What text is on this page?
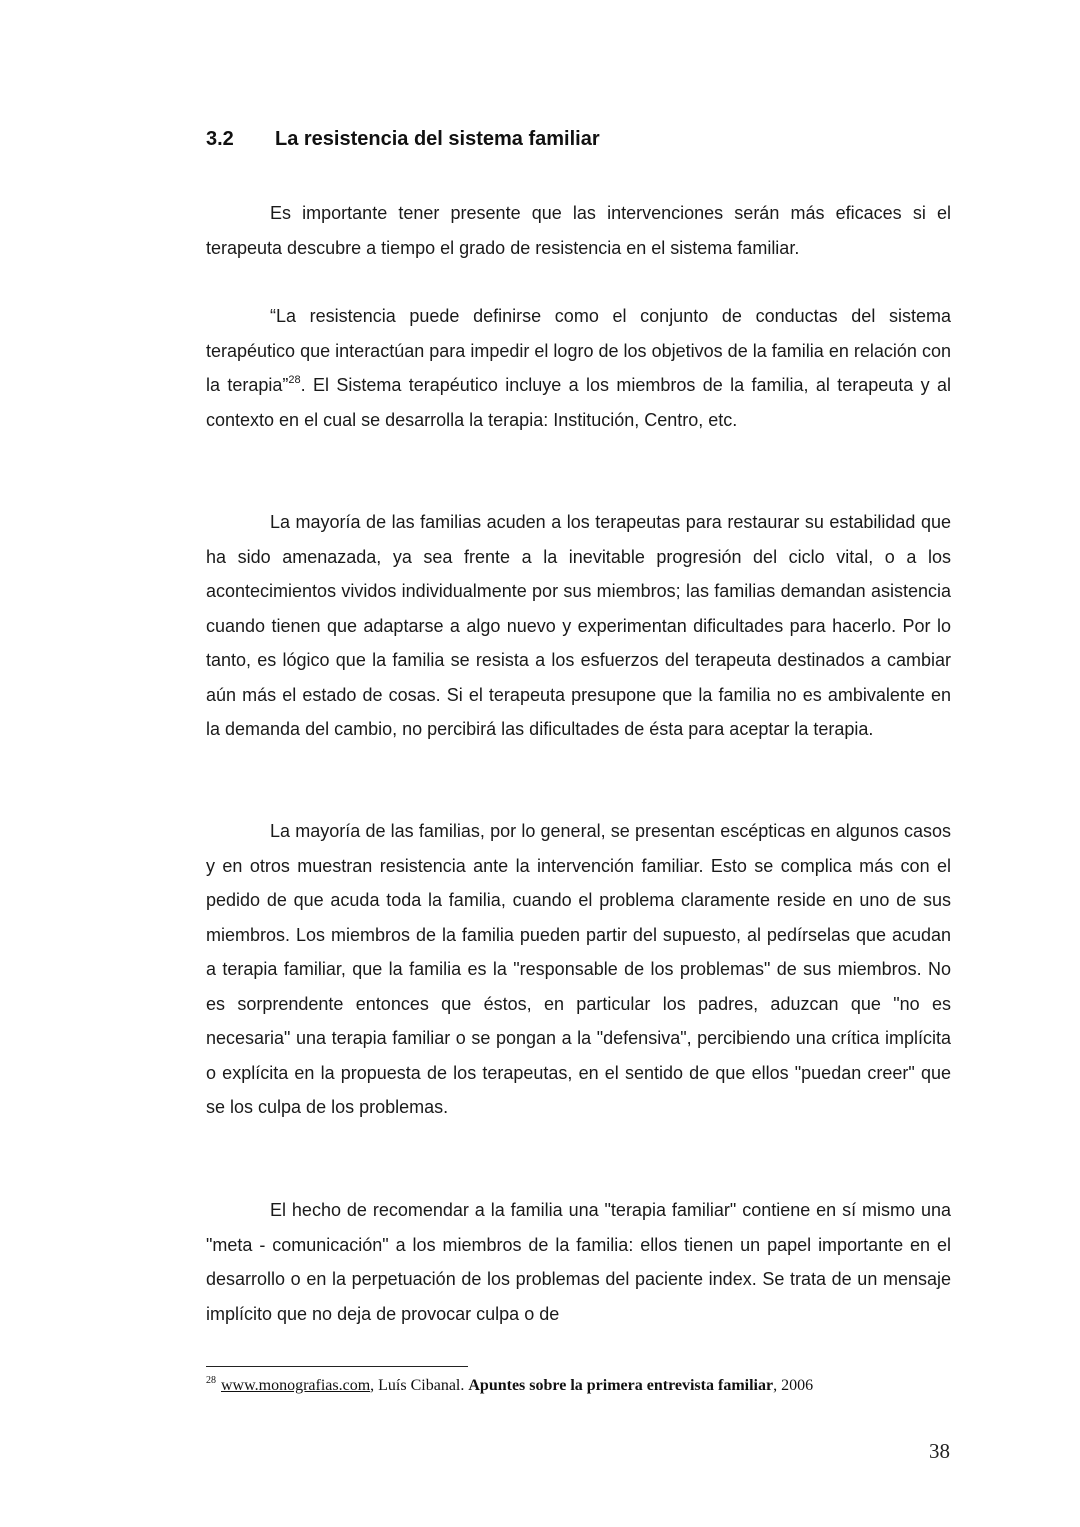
3.2 La resistencia del sistema familiar

Es importante tener presente que las intervenciones serán más eficaces si el terapeuta descubre a tiempo el grado de resistencia en el sistema familiar.

“La resistencia puede definirse como el conjunto de conductas del sistema terapéutico que interactúan para impedir el logro de los objetivos de la familia en relación con la terapia”$^{28}$. El Sistema terapéutico incluye a los miembros de la familia, al terapeuta y al contexto en el cual se desarrolla la terapia: Institución, Centro, etc.

La mayoría de las familias acuden a los terapeutas para restaurar su estabilidad que ha sido amenazada, ya sea frente a la inevitable progresión del ciclo vital, o a los acontecimientos vividos individualmente por sus miembros; las familias demandan asistencia cuando tienen que adaptarse a algo nuevo y experimentan dificultades para hacerlo. Por lo tanto, es lógico que la familia se resista a los esfuerzos del terapeuta destinados a cambiar aún más el estado de cosas. Si el terapeuta presupone que la familia no es ambivalente en la demanda del cambio, no percibirá las dificultades de ésta para aceptar la terapia.

La mayoría de las familias, por lo general, se presentan escépticas en algunos casos y en otros muestran resistencia ante la intervención familiar. Esto se complica más con el pedido de que acuda toda la familia, cuando el problema claramente reside en uno de sus miembros. Los miembros de la familia pueden partir del supuesto, al pedírselas que acudan a terapia familiar, que la familia es la "responsable de los problemas" de sus miembros. No es sorprendente entonces que éstos, en particular los padres, aduzcan que "no es necesaria" una terapia familiar o se pongan a la "defensiva", percibiendo una crítica implícita o explícita en la propuesta de los terapeutas, en el sentido de que ellos "puedan creer" que se los culpa de los problemas.

El hecho de recomendar a la familia una "terapia familiar" contiene en sí mismo una "meta - comunicación" a los miembros de la familia: ellos tienen un papel importante en el desarrollo o en la perpetuación de los problemas del paciente index. Se trata de un mensaje implícito que no deja de provocar culpa o de

$^{28}$ www.monografias.com, Luís Cibanal. Apuntes sobre la primera entrevista familiar, 2006
38
